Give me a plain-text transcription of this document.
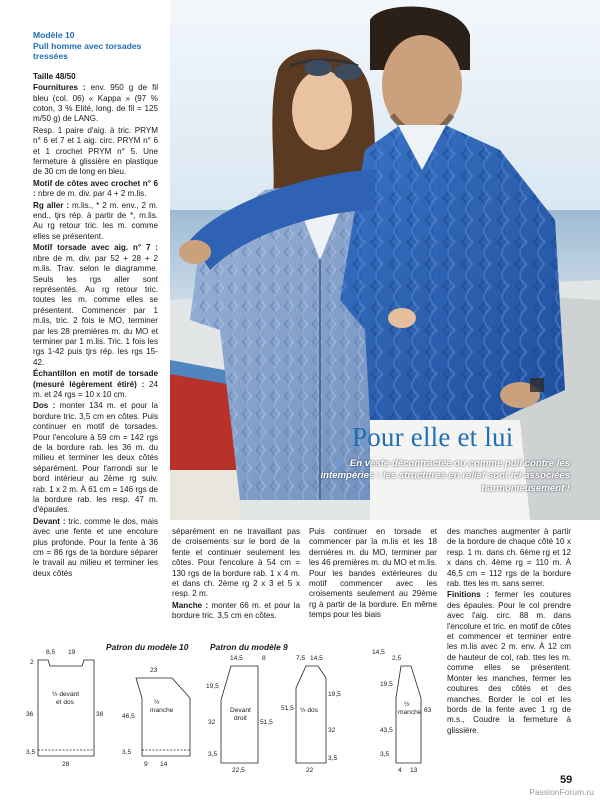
Modèle 10
Pull homme avec torsades
tressées

Taille 48/50

Fournitures : env. 950 g de fil bleu (col. 06) « Kappa » (97 % coton, 3 % Elité, long. de fil = 125 m/50 g) de LANG.

Resp. 1 paire d'aig. à tric. PRYM n° 6 et 7 et 1 aig. circ. PRYM n° 6 et 1 crochet PRYM n° 5. Une fermeture à glissière en plastique de 30 cm de long en bleu.

Motif de côtes avec crochet n° 6 : nbre de m. div. par 4 + 2 m.lis.

Rg aller : m.lis., * 2 m. env., 2 m. end., tjrs rép. à partir de *, m.lis. Au rg retour tric. les m. comme elles se présentent.

Motif torsade avec aig. n° 7 : nbre de m. div. par 52 + 28 + 2 m.lis. Trav. selon le diagramme. Seuls les rgs aller sont représentés. Au rg retour tric. toutes les m. comme elles se présentent. Commencer par 1 m.lis, tric. 2 fois le MO, terminer par les 28 premières m. du MO et terminer par 1 m.lis. Tric. 1 fois les rgs 1-42 puis tjrs rép. les rgs 15-42.

Échantillon en motif de torsade (mesuré légèrement étiré) : 24 m. et 24 rgs = 10 x 10 cm.

Dos : monter 134 m. et pour la bordure tric. 3,5 cm en côtes. Puis continuer en motif de torsades. Pour l'encolure à 59 cm = 142 rgs de la bordure rab. les 36 m. du milieu et terminer les deux côtés séparément. Pour l'arrondi sur le bord intérieur au 2ème rg suiv. rab. 1 x 2 m. À 61 cm = 146 rgs de la bordure rab. les resp. 47 m. d'épaules.

Devant : tric. comme le dos, mais avec une fente et une encolure plus profonde. Pour la fente à 36 cm = 86 rgs de la bordure séparer le travail au milieu et terminer les deux côtés

Pour elle et lui
En veste décontractée ou comme pull contre les intempéries : les structures en relief sont ici associées harmonieusement !

séparément en ne travaillant pas de croisements sur le bord de la fente et continuer seulement les côtes. Pour l'encolure à 54 cm = 130 rgs de la bordure rab. 1 x 4 m. et dans ch. 2ème rg 2 x 3 et 5 x resp. 2 m.

Manche : monter 66 m. et pour la bordure tric. 3,5 cm en côtes.

Puis continuer en torsade et commencer par la m.lis et les 18 dernières m. du MO, terminer par les 46 premières m. du MO et m.lis. Pour les bandes extérieures du motif commencer avec les croisements seulement au 29ème rg à partir de la bordure. En même temps pour les biais

des manches augmenter à partir de la bordure de chaque côté 10 x resp. 1 m. dans ch. 6ème rg et 12 x dans ch. 4ème rg = 110 m. À 46,5 cm = 112 rgs de la bordure rab. ttes les m. sans serrer.

Finitions : fermer les coutures des épaules. Pour le col prendre avec l'aig. circ. 88 m. dans l'encolure et tric. en motif de côtes et commencer et terminer entre les m.lis avec 2 m. env. À 12 cm de hauteur de col, rab. ttes les m. comme elles se présentent. Monter les manches, fermer les coutures des côtés et des manches. Border le col et les bords de la fente avec 1 rg de m.s., Coudre la fermeture à glissière.

Patron du modèle 10	Patron du modèle 9
8,5 19
2
36	38
3,5
28
23
46,5
3,5
9 14
14,5	8
19,5
32	51,5
3,5
22,5
7,5 14,5
19,5
51,5
32
3,5
22
14,5
2,5
19,5
43,5
63
3,5
4 13
½ devant
et dos	½
manche	Devant
droit
½ dos
½
manche
59
PassionForum.ru
